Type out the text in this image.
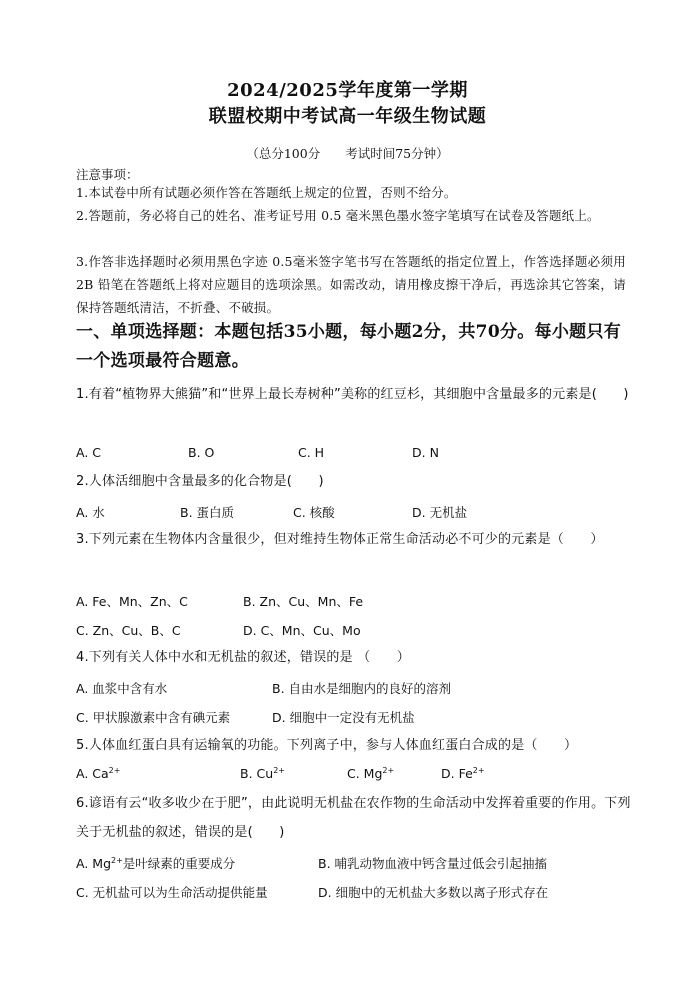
2024/2025学年度第一学期
联盟校期中考试高一年级生物试题
（总分100分　　考试时间75分钟）
注意事项：
1.本试卷中所有试题必须作答在答题纸上规定的位置，否则不给分。
2.答题前，务必将自己的姓名、准考证号用 0.5 毫米黑色墨水签字笔填写在试卷及答题纸上。
3.作答非选择题时必须用黑色字迹 0.5毫米签字笔书写在答题纸的指定位置上，作答选择题必须用 2B 铅笔在答题纸上将对应题目的选项涂黑。如需改动，请用橡皮擦干净后，再选涂其它答案，请保持答题纸清洁，不折叠、不破损。
一、单项选择题：本题包括35小题，每小题2分，共70分。每小题只有一个选项最符合题意。
1.有着“植物界大熊猫”和“世界上最长寿树种”美称的红豆杉，其细胞中含量最多的元素是(　　)
A. C	B. O	C. H	D. N
2.人体活细胞中含量最多的化合物是(　　)
A. 水	B. 蛋白质	C. 核酸	D. 无机盐
3.下列元素在生物体内含量很少，但对维持生物体正常生命活动必不可少的元素是（　　）
A. Fe、Mn、Zn、C	B. Zn、Cu、Mn、Fe
C. Zn、Cu、B、C	D. C、Mn、Cu、Mo
4.下列有关人体中水和无机盐的叙述，错误的是 （　　）
A. 血浆中含有水	B. 自由水是细胞内的良好的溶剂
C. 甲状腺激素中含有碘元素	D. 细胞中一定没有无机盐
5.人体血红蛋白具有运输氧的功能。下列离子中，参与人体血红蛋白合成的是（　　）
A. $Ca^{2+}$	B. $Cu^{2+}$	C. $Mg^{2+}$	D. $Fe^{2+}$
6.谚语有云“收多收少在于肥”，由此说明无机盐在农作物的生命活动中发挥着重要的作用。下列关于无机盐的叙述，错误的是(　　)
A. $Mg^{2+}$是叶绿素的重要成分	B. 哺乳动物血液中钙含量过低会引起抽搐
C. 无机盐可以为生命活动提供能量	D. 细胞中的无机盐大多数以离子形式存在
